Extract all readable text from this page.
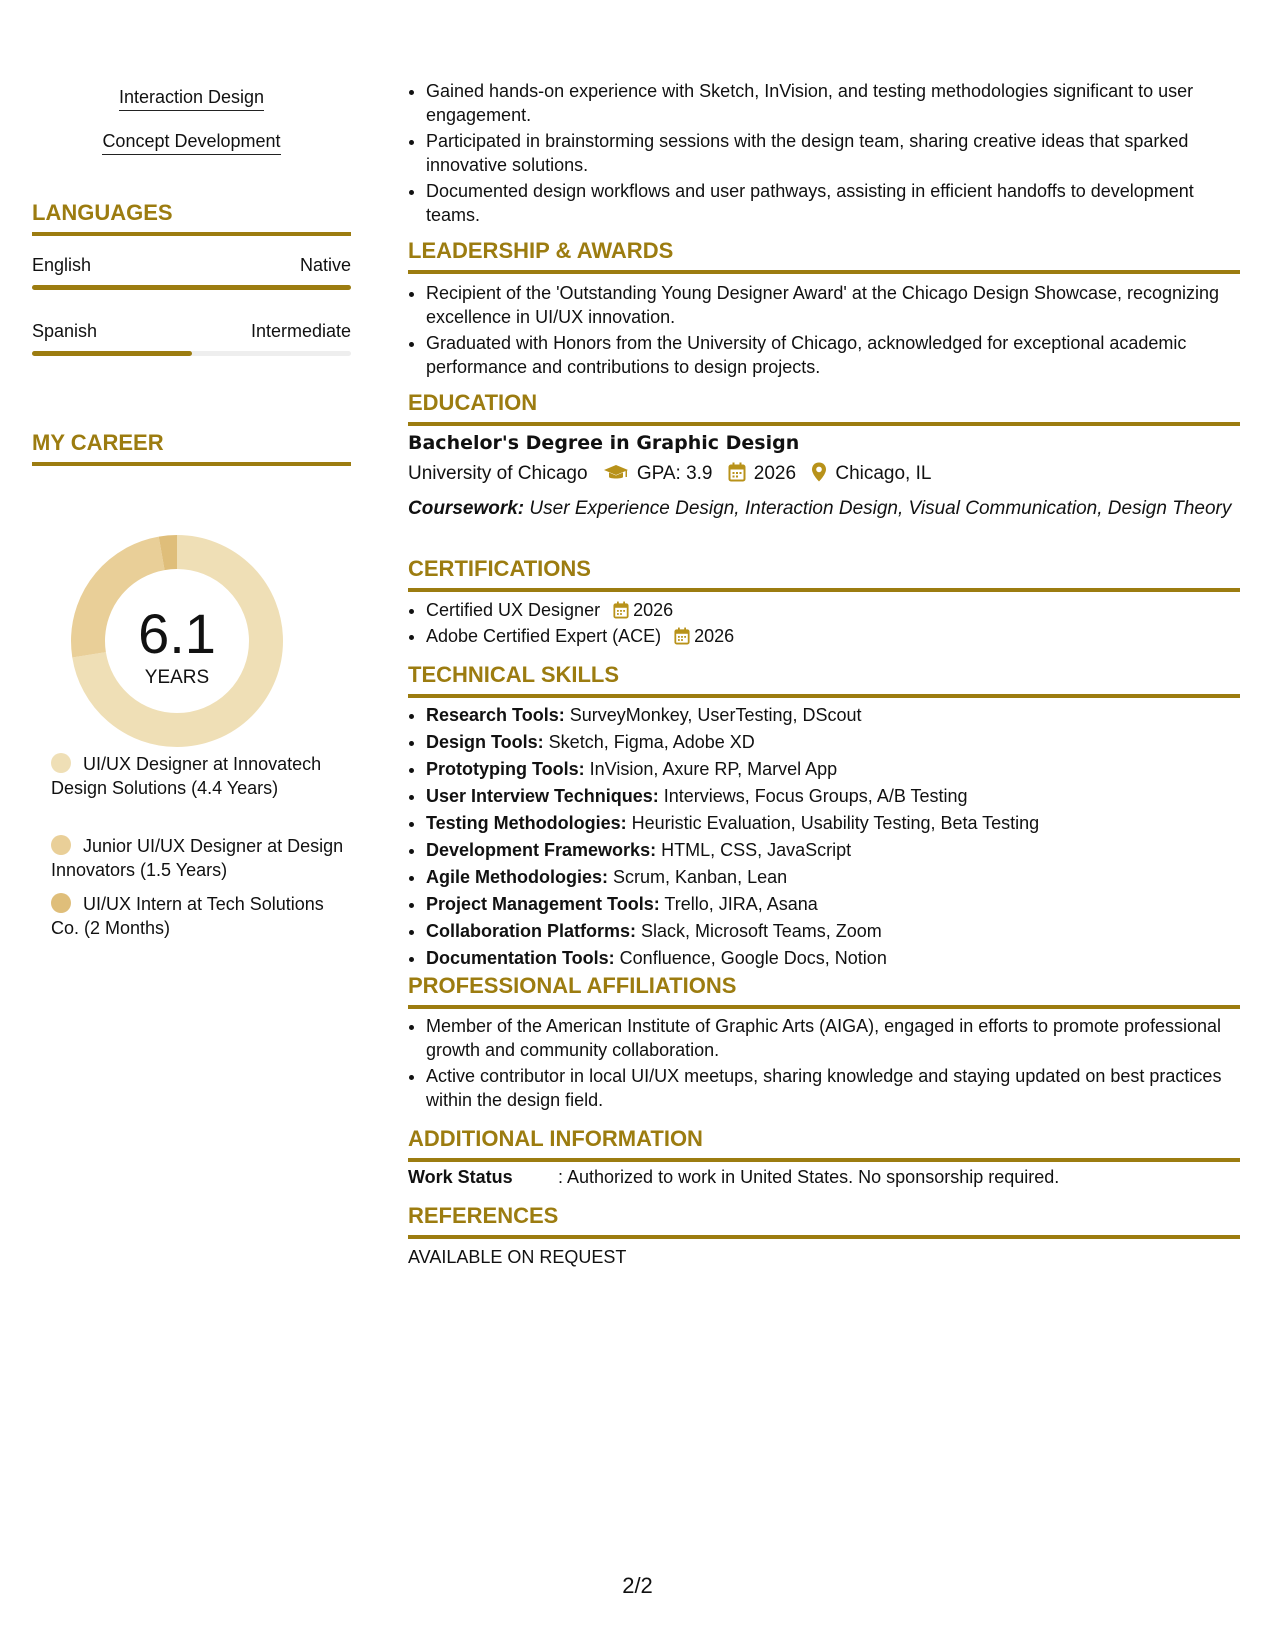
Interaction Design
Concept Development
LANGUAGES
English	Native
Spanish	Intermediate
MY CAREER
6.1
YEARS
UI/UX Designer at Innovatech Design Solutions (4.4 Years)
Junior UI/UX Designer at Design Innovators (1.5 Years)
UI/UX Intern at Tech Solutions Co. (2 Months)
• Gained hands-on experience with Sketch, InVision, and testing methodologies significant to user engagement.
• Participated in brainstorming sessions with the design team, sharing creative ideas that sparked innovative solutions.
• Documented design workflows and user pathways, assisting in efficient handoffs to development teams.
LEADERSHIP & AWARDS
• Recipient of the 'Outstanding Young Designer Award' at the Chicago Design Showcase, recognizing excellence in UI/UX innovation.
• Graduated with Honors from the University of Chicago, acknowledged for exceptional academic performance and contributions to design projects.
EDUCATION
Bachelor's Degree in Graphic Design
University of Chicago	GPA: 3.9 2026 Chicago, IL
Coursework: User Experience Design, Interaction Design, Visual Communication, Design Theory
CERTIFICATIONS
• Certified UX Designer 2026
• Adobe Certified Expert (ACE) 2026
TECHNICAL SKILLS
• Research Tools: SurveyMonkey, UserTesting, DScout
• Design Tools: Sketch, Figma, Adobe XD
• Prototyping Tools: InVision, Axure RP, Marvel App
• User Interview Techniques: Interviews, Focus Groups, A/B Testing
• Testing Methodologies: Heuristic Evaluation, Usability Testing, Beta Testing
• Development Frameworks: HTML, CSS, JavaScript
• Agile Methodologies: Scrum, Kanban, Lean
• Project Management Tools: Trello, JIRA, Asana
• Collaboration Platforms: Slack, Microsoft Teams, Zoom
• Documentation Tools: Confluence, Google Docs, Notion
PROFESSIONAL AFFILIATIONS
• Member of the American Institute of Graphic Arts (AIGA), engaged in efforts to promote professional growth and community collaboration.
• Active contributor in local UI/UX meetups, sharing knowledge and staying updated on best practices within the design field.
ADDITIONAL INFORMATION
Work Status	: Authorized to work in United States. No sponsorship required.
REFERENCES
AVAILABLE ON REQUEST
2/2
